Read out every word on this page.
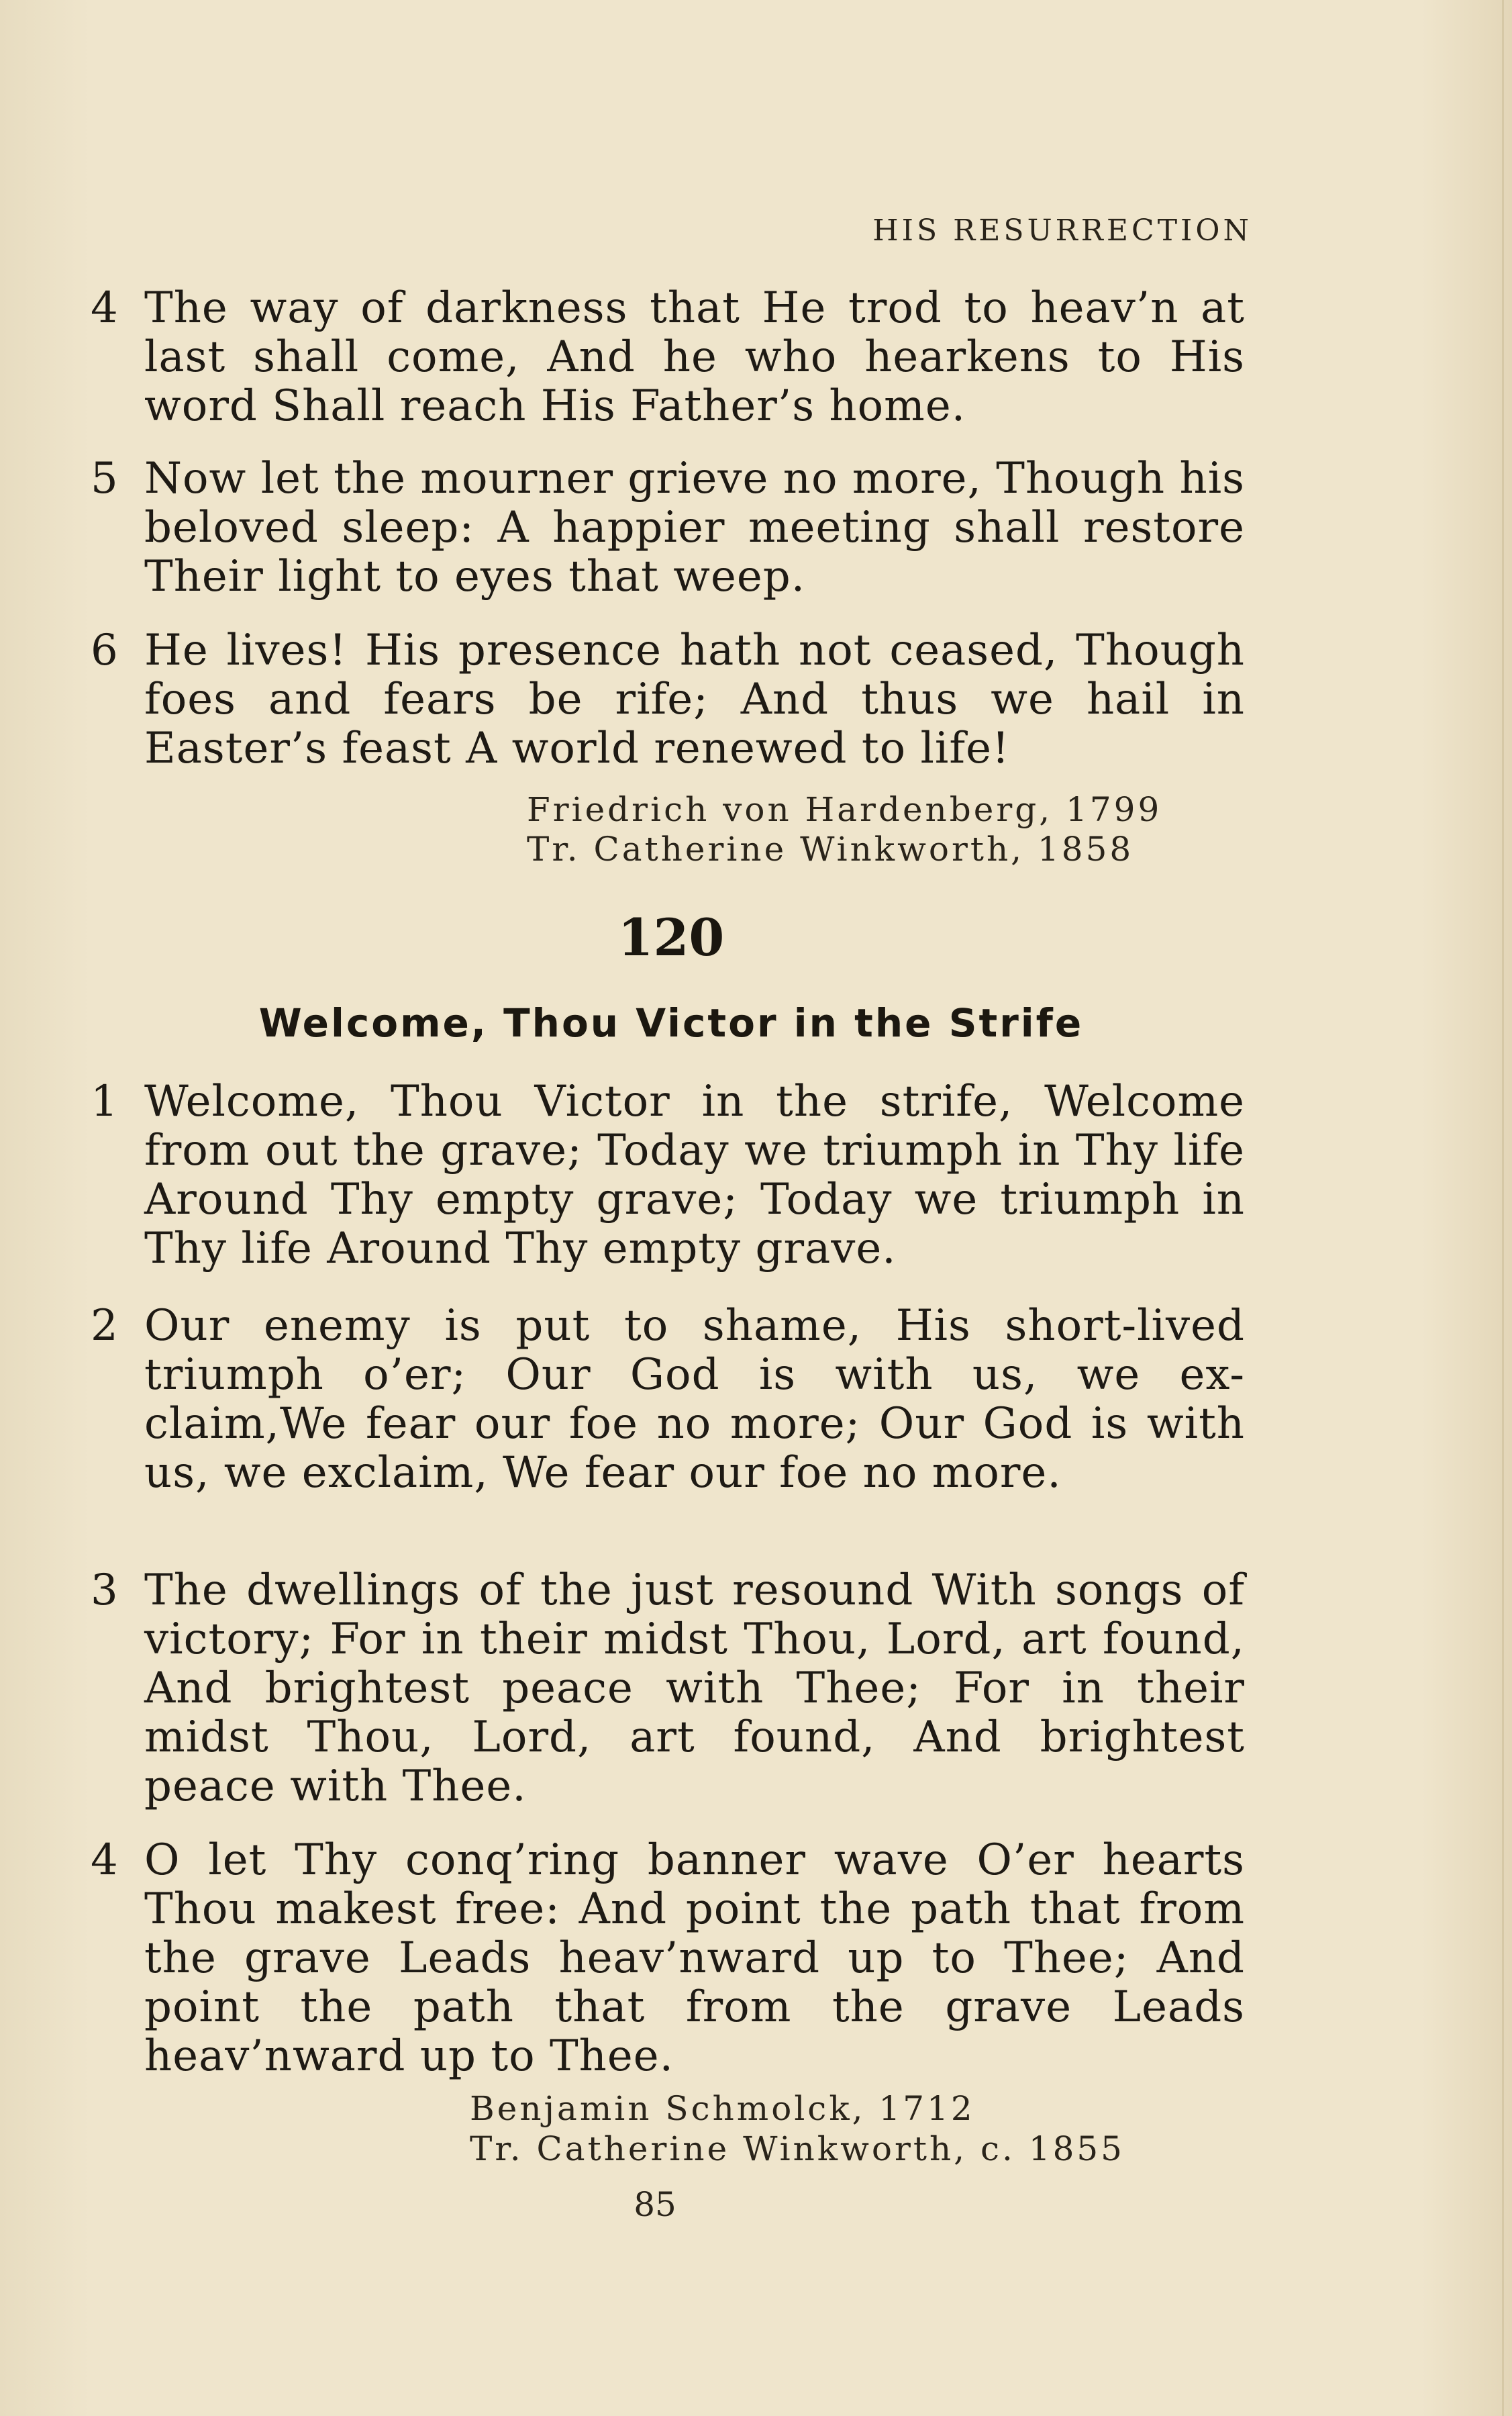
HIS RESURRECTION
4 The way of darkness that He trod to heav’n at last shall come, And he who hearkens to His word Shall reach His Father’s home.
5 Now let the mourner grieve no more, Though his beloved sleep: A happier meeting shall restore Their light to eyes that weep.
6 He lives! His presence hath not ceased, Though foes and fears be rife; And thus we hail in Easter’s feast A world renewed to life!
Friedrich von Hardenberg, 1799
Tr. Catherine Winkworth, 1858
120
Welcome, Thou Victor in the Strife
1 Welcome, Thou Victor in the strife, Welcome from out the grave; Today we triumph in Thy life Around Thy empty grave; Today we triumph in Thy life Around Thy empty grave.
2 Our enemy is put to shame, His short-lived triumph o’er; Our God is with us, we ex- claim,We fear our foe no more; Our God is with us, we exclaim, We fear our foe no more.
3 The dwellings of the just resound With songs of victory; For in their midst Thou, Lord, art found, And brightest peace with Thee; For in their midst Thou, Lord, art found, And brightest peace with Thee.
4 O let Thy conq’ring banner wave O’er hearts Thou makest free: And point the path that from the grave Leads heav’nward up to Thee; And point the path that from the grave Leads heav’nward up to Thee.
Benjamin Schmolck, 1712
Tr. Catherine Winkworth, c. 1855
85
